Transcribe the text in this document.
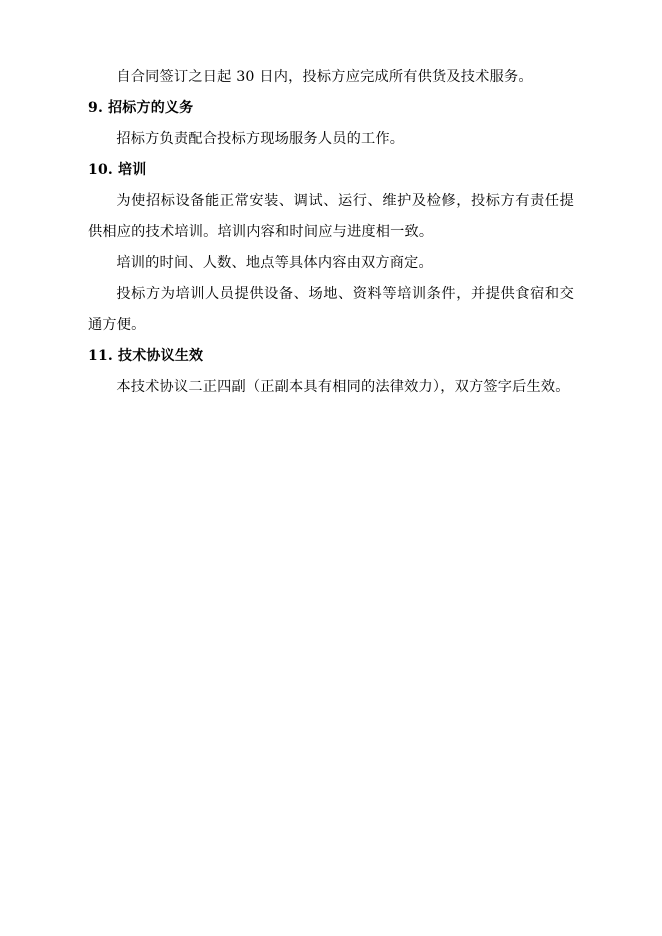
自合同签订之日起 30 日内，投标方应完成所有供货及技术服务。

9. 招标方的义务

招标方负责配合投标方现场服务人员的工作。

10. 培训

为使招标设备能正常安装、调试、运行、维护及检修，投标方有责任提供相应的技术培训。培训内容和时间应与进度相一致。

培训的时间、人数、地点等具体内容由双方商定。

投标方为培训人员提供设备、场地、资料等培训条件，并提供食宿和交通方便。

11. 技术协议生效

本技术协议二正四副（正副本具有相同的法律效力），双方签字后生效。
